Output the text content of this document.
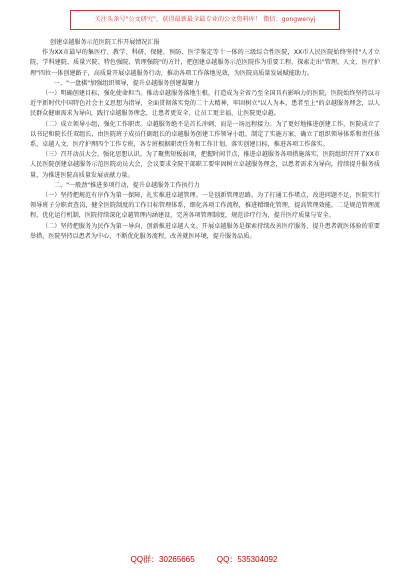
关注头条号"公文研究"，获得最新最全最专业的公文资料库！ 微信：gongwenyj

创建卓越服务示范医院工作开展情况汇报

作为XX市最早的集医疗、教学、科研、保健、预防、医学鉴定等十一体的三级综合性医院，XX市人民医院始终坚持"人才立院、学科建院、质量兴院、特色强院、管理强院"的方针，把创建卓越服务示范医院作为重要工程，探索走出"管理、人文、医疗护理"四位一体创建路子，高质量开展卓越服务行动，推动各项工作落地见效，为医院高质量发展赋能助力。

一、"一盘棋"加强组织领导，提升卓越服务创建凝聚力

（一）明确创建目标，强化使命担当。推动卓越服务落地生根，打造成为全省乃至全国具有影响力的医院，医院始终坚持以习近平新时代中国特色社会主义思想为指导，全面贯彻落实党的二十大精神，牢固树立"以人为本，患者至上"的卓越服务理念，以人民群众健康需求为导向，践行卓越服务理念，让患者更安全、让员工更幸福、让医院更卓越。

（二）成立领导小组，强化工作职责。卓越服务绝不是首长冲刺，而是一场远程接力。为了更好地推进创建工作，医院成立了以书记和院长任双组长，由医院班子成员任副组长的卓越服务创建工作领导小组，制定了实施方案，确立了组织领导体系和责任体系，卓越人文、医疗护理四个工作专班，各专班根据职责任务和工作计划，落实创建目标，推进各项工作落实。

（三）召开动员大会，强化思想认识。为了聚焦短板弱项，把握时间节点，推进卓越服务各项措施落实，医院组织召开了XX市人民医院创建卓越服务示范医院动员大会，会议要求全院干部职工要牢固树立卓越服务理念，以患者需求为导向，持续提升服务质量，为推进医院高质量发展贡献力量。

二、"一般劲"推进多项行动，提升卓越服务工作执行力

（一）坚持把规范有序作为第一保障，扎实推进卓越管理。一是创新管理思路。为了打通工作堵点，改进问题不足，医院实行领导班子分职责查岗，健全医院制度的工作目标管理体系，细化各项工作流程，推进精细化管理，提高管理效能。二是规范管理流程，优化运行机制，医院持续深化卓越管理内涵建设，完善各项管理制度，规范诊疗行为，提升医疗质量与安全。

（二）坚持把服务为民作为第一导向，创新推进卓越人文。开展卓越服务是探索持续改善医疗服务、提升患者就医体验的重要举措，医院坚持以患者为中心，不断优化服务流程，改善就医环境，提升服务品质。

QQ群：30265665	QQ：535304092
